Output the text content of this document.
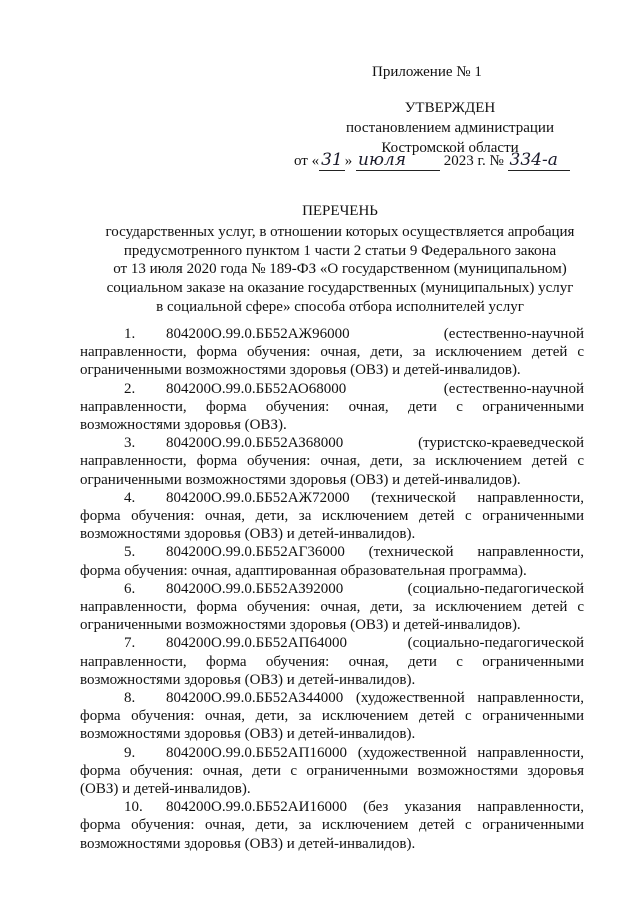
Приложение № 1
УТВЕРЖДЕН
постановлением администрации
Костромской области
от « 31 » июля	2023 г. № 334-а
ПЕРЕЧЕНЬ
государственных услуг, в отношении которых осуществляется апробация
предусмотренного пунктом 1 части 2 статьи 9 Федерального закона
от 13 июля 2020 года № 189-ФЗ «О государственном (муниципальном)
социальном заказе на оказание государственных (муниципальных) услуг
в социальной сфере» способа отбора исполнителей услуг

1. 804200О.99.0.ББ52АЖ96000	(естественно-научной направленности, форма обучения: очная, дети, за исключением детей с ограниченными возможностями здоровья (ОВЗ) и детей-инвалидов).

2. 804200О.99.0.ББ52АО68000	(естественно-научной направленности, форма обучения: очная, дети с ограниченными возможностями здоровья (ОВЗ).

3. 804200О.99.0.ББ52АЗ68000	(туристско-краеведческой направленности, форма обучения: очная, дети, за исключением детей с ограниченными возможностями здоровья (ОВЗ) и детей-инвалидов).

4. 804200О.99.0.ББ52АЖ72000 (технической направленности, форма обучения: очная, дети, за исключением детей с ограниченными возможностями здоровья (ОВЗ) и детей-инвалидов).

5. 804200О.99.0.ББ52АГ36000 (технической направленности, форма обучения: очная, адаптированная образовательная программа).

6. 804200О.99.0.ББ52АЗ92000	(социально-педагогической направленности, форма обучения: очная, дети, за исключением детей с ограниченными возможностями здоровья (ОВЗ) и детей-инвалидов).

7. 804200О.99.0.ББ52АП64000	(социально-педагогической направленности, форма обучения: очная, дети с ограниченными возможностями здоровья (ОВЗ) и детей-инвалидов).

8. 804200О.99.0.ББ52АЗ44000 (художественной направленности, форма обучения: очная, дети, за исключением детей с ограниченными возможностями здоровья (ОВЗ) и детей-инвалидов).

9. 804200О.99.0.ББ52АП16000 (художественной направленности, форма обучения: очная, дети с ограниченными возможностями здоровья (ОВЗ) и детей-инвалидов).

10. 804200О.99.0.ББ52АИ16000 (без указания направленности, форма обучения: очная, дети, за исключением детей с ограниченными возможностями здоровья (ОВЗ) и детей-инвалидов).
